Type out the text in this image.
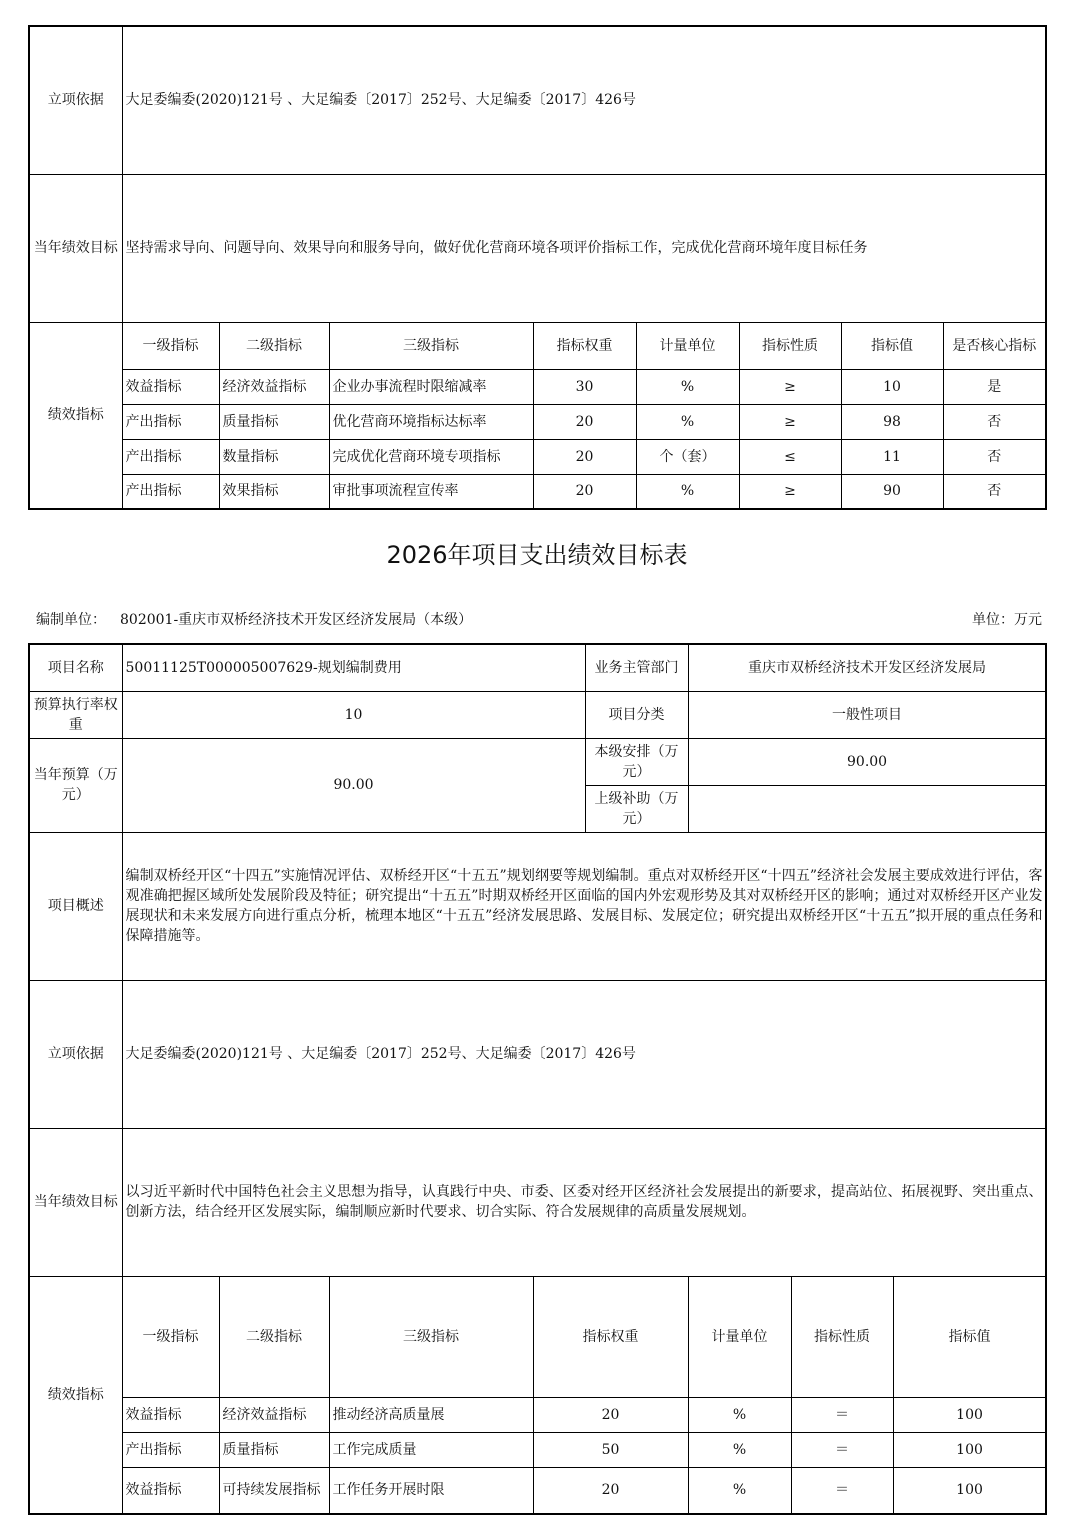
立项依据	大足委编委(2020)121号 、大足编委〔2017〕252号、大足编委〔2017〕426号							
当年绩效目标	坚持需求导向、问题导向、效果导向和服务导向，做好优化营商环境各项评价指标工作，完成优化营商环境年度目标任务							
绩效指标	一级指标	二级指标	三级指标	指标权重	计量单位	指标性质	指标值	是否核心指标
	效益指标	经济效益指标	企业办事流程时限缩减率	30	%	≥	10	是
	产出指标	质量指标	优化营商环境指标达标率	20	%	≥	98	否
	产出指标	数量指标	完成优化营商环境专项指标	20	个（套）	≤	11	否
	产出指标	效果指标	审批事项流程宣传率	20	%	≥	90	否
2026年项目支出绩效目标表
编制单位： 802001-重庆市双桥经济技术开发区经济发展局（本级）	单位：万元
项目名称	50011125T000005007629-规划编制费用				业务主管部门	重庆市双桥经济技术开发区经济发展局			
预算执行率权重	10				项目分类	一般性项目			
当年预算（万元）	90.00				本级安排（万元）	90.00			
					上级补助（万元）				
项目概述	编制双桥经开区“十四五”实施情况评估、双桥经开区“十五五”规划纲要等规划编制。重点对双桥经开区“十四五”经济社会发展主要成效进行评估，客观准确把握区域所处发展阶段及特征；研究提出“十五五”时期双桥经开区面临的国内外宏观形势及其对双桥经开区的影响；通过对双桥经开区产业发展现状和未来发展方向进行重点分析，梳理本地区“十五五”经济发展思路、发展目标、发展定位；研究提出双桥经开区“十五五”拟开展的重点任务和保障措施等。								
立项依据	大足委编委(2020)121号 、大足编委〔2017〕252号、大足编委〔2017〕426号								
当年绩效目标	以习近平新时代中国特色社会主义思想为指导，认真践行中央、市委、区委对经开区经济社会发展提出的新要求，提高站位、拓展视野、突出重点、创新方法，结合经开区发展实际，编制顺应新时代要求、切合实际、符合发展规律的高质量发展规划。								
绩效指标	一级指标	二级指标	三级指标	指标权重		计量单位	指标性质	指标值	
	效益指标	经济效益指标	推动经济高质量展	20		%	＝	100	
	产出指标	质量指标	工作完成质量	50		%	＝	100	
	效益指标	可持续发展指标	工作任务开展时限	20		%	＝	100	
